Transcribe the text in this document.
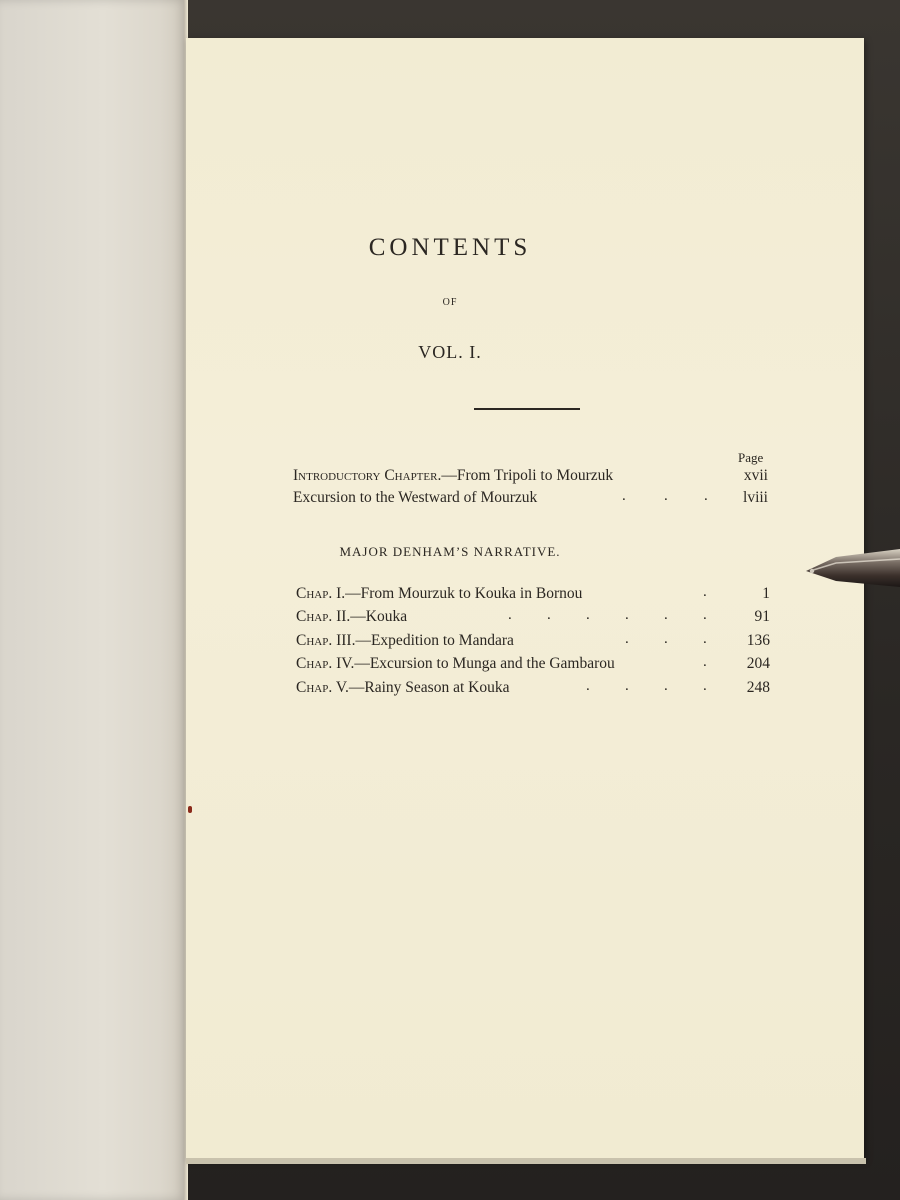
CONTENTS
OF
VOL. I.
Page
Introductory Chapter.—From Tripoli to Mourzuk	xvii
Excursion to the Westward of Mourzuk	.	. .	lviii
MAJOR DENHAM’S NARRATIVE.
Chap. I.—From Mourzuk to Kouka in Bornou	.	1
Chap. II.—Kouka	. . . . . .	91
Chap. III.—Expedition to Mandara	. . .	136
Chap. IV.—Excursion to Munga and the Gambarou	.	204
Chap. V.—Rainy Season at Kouka	. . . .	248
